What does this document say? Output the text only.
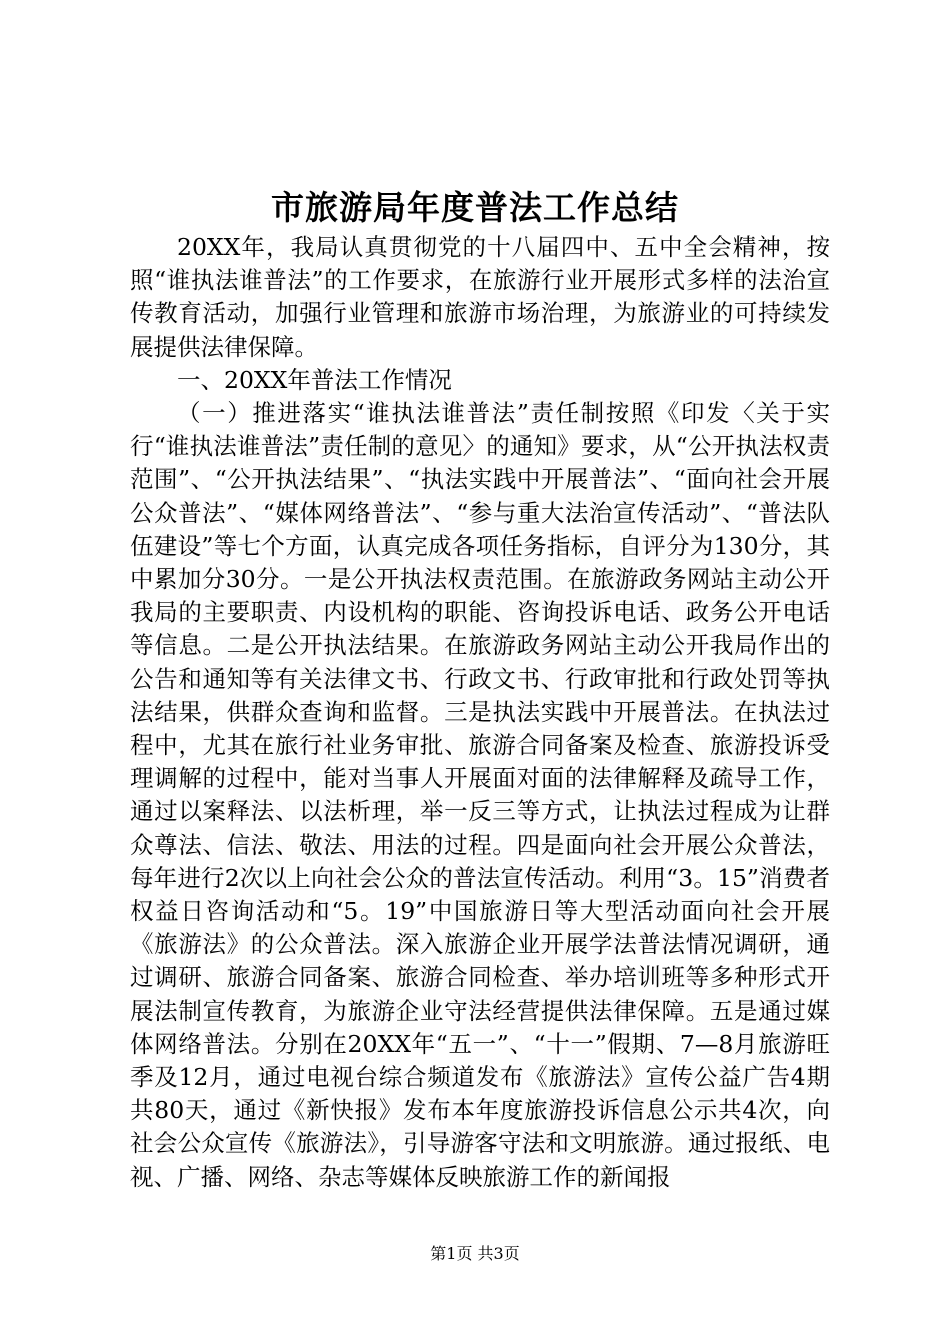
市旅游局年度普法工作总结

20XX年，我局认真贯彻党的十八届四中、五中全会精神，按照“谁执法谁普法”的工作要求，在旅游行业开展形式多样的法治宣传教育活动，加强行业管理和旅游市场治理，为旅游业的可持续发展提供法律保障。

一、20XX年普法工作情况

（一）推进落实“谁执法谁普法”责任制按照《印发〈关于实行“谁执法谁普法”责任制的意见〉的通知》要求，从“公开执法权责范围”、“公开执法结果”、“执法实践中开展普法”、“面向社会开展公众普法”、“媒体网络普法”、“参与重大法治宣传活动”、“普法队伍建设”等七个方面，认真完成各项任务指标，自评分为130分，其中累加分30分。一是公开执法权责范围。在旅游政务网站主动公开我局的主要职责、内设机构的职能、咨询投诉电话、政务公开电话等信息。二是公开执法结果。在旅游政务网站主动公开我局作出的公告和通知等有关法律文书、行政文书、行政审批和行政处罚等执法结果，供群众查询和监督。三是执法实践中开展普法。在执法过程中，尤其在旅行社业务审批、旅游合同备案及检查、旅游投诉受理调解的过程中，能对当事人开展面对面的法律解释及疏导工作，通过以案释法、以法析理，举一反三等方式，让执法过程成为让群众尊法、信法、敬法、用法的过程。四是面向社会开展公众普法，每年进行2次以上向社会公众的普法宣传活动。利用“3。15”消费者权益日咨询活动和“5。19”中国旅游日等大型活动面向社会开展《旅游法》的公众普法。深入旅游企业开展学法普法情况调研，通过调研、旅游合同备案、旅游合同检查、举办培训班等多种形式开展法制宣传教育，为旅游企业守法经营提供法律保障。五是通过媒体网络普法。分别在20XX年“五一”、“十一”假期、7—8月旅游旺季及12月，通过电视台综合频道发布《旅游法》宣传公益广告4期共80天，通过《新快报》发布本年度旅游投诉信息公示共4次，向社会公众宣传《旅游法》，引导游客守法和文明旅游。通过报纸、电视、广播、网络、杂志等媒体反映旅游工作的新闻报

第1页 共3页
